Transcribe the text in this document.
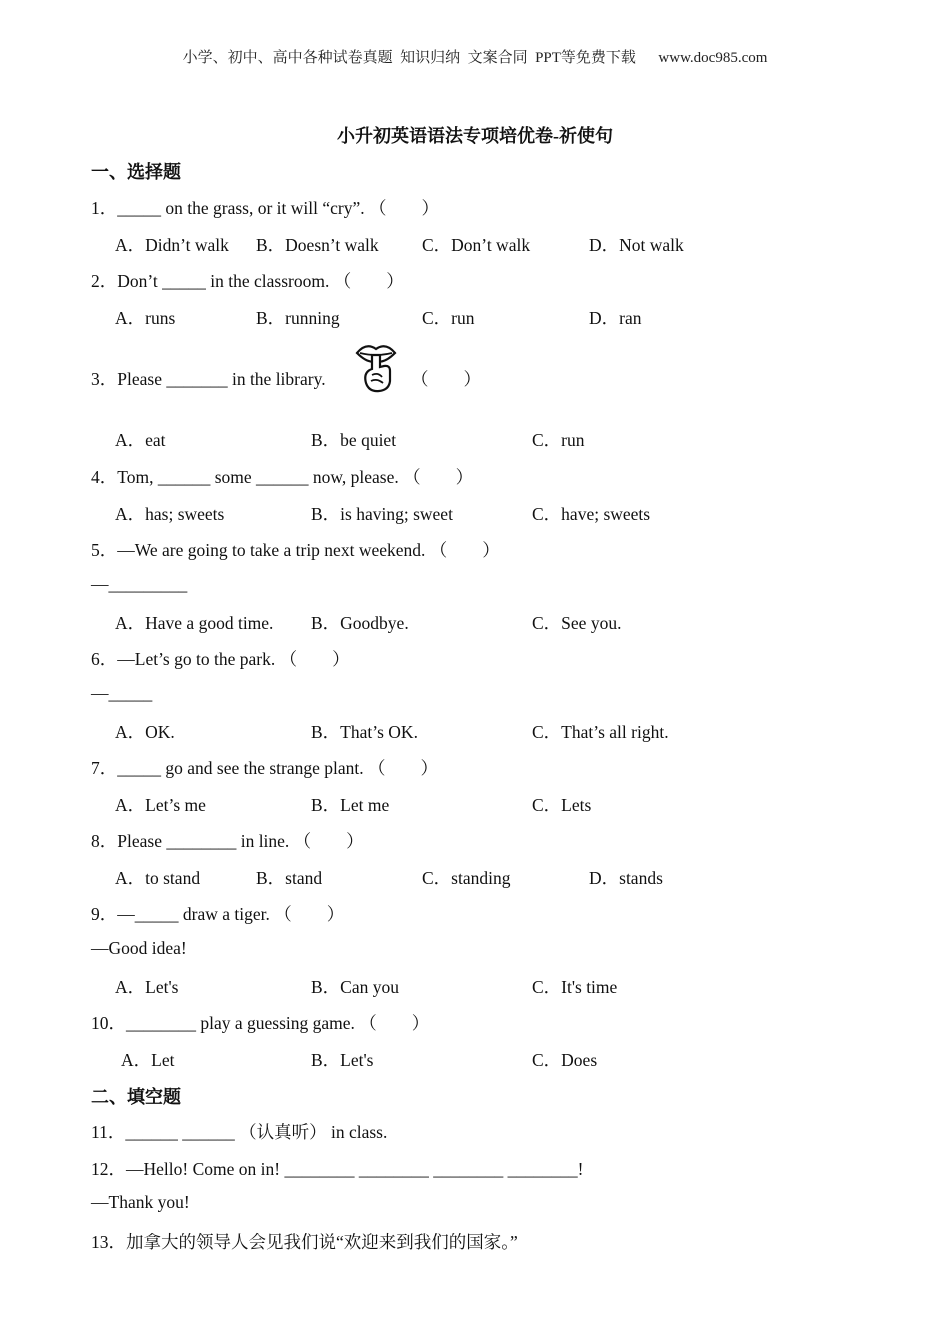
小学、初中、高中各种试卷真题  知识归纳  文案合同  PPT等免费下载      www.doc985.com
小升初英语语法专项培优卷-祈使句
一、选择题
1．_____ on the grass, or it will “cry”. （　　）
A．Didn’t walk B．Doesn’t walk C．Don’t walk	D．Not walk
2．Don’t _____ in the classroom. （　　）
A．runs	B．running	C．run	D．ran
3．Please _______ in the library.	（　　）
A．eat	B．be quiet	C．run
4．Tom, ______ some ______ now, please. （　　）
A．has; sweets	B．is having; sweet	C．have; sweets
5．—We are going to take a trip next weekend. （　　）
—_________
A．Have a good time. B．Goodbye.	C．See you.
6．—Let’s go to the park. （　　）
—_____
A．OK.	B．That’s OK.	C．That’s all right.
7．_____ go and see the strange plant. （　　）
A．Let’s me	B．Let me	C．Lets
8．Please ________ in line. （　　）
A．to stand	B．stand	C．standing	D．stands
9．—_____ draw a tiger. （　　）
—Good idea!
A．Let's	B．Can you	C．It's time
10．________ play a guessing game. （　　）
A．Let	B．Let's	C．Does
二、填空题
11．______ ______ （认真听） in class.
12．—Hello! Come on in! ________ ________ ________ ________!
—Thank you!
13．加拿大的领导人会见我们说“欢迎来到我们的国家。”
